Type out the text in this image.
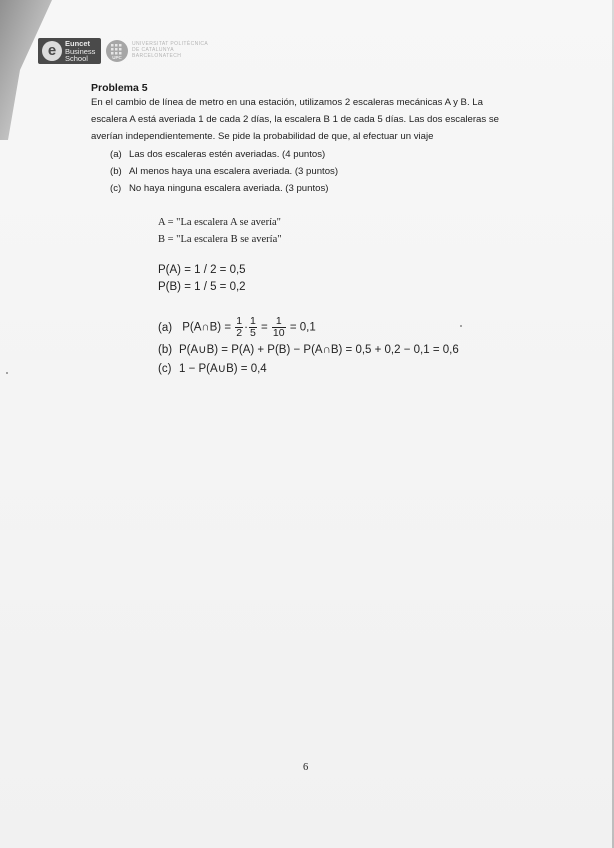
e	Euncet
Business
School	UPC
UNIVERSITAT POLITÈCNICA
DE CATALUNYA
BARCELONATECH
Problema 5
En el cambio de línea de metro en una estación, utilizamos 2 escaleras mecánicas A y B. La
escalera A está averiada 1 de cada 2 días, la escalera B 1 de cada 5 días. Las dos escaleras se
averían independientemente. Se pide la probabilidad de que, al efectuar un viaje
(a) Las dos escaleras estén averiadas. (4 puntos)
(b) Al menos haya una escalera averiada. (3 puntos)
(c) No haya ninguna escalera averiada. (3 puntos)
A = "La escalera A se avería"
B = "La escalera B se avería"
P(A) = 1 / 2 = 0,5
P(B) = 1 / 5 = 0,2
(a) P(A∩B) = $\frac{1}{2} \cdot \frac{1}{5} = \frac{1}{10} = 0,1$
(b) P(A∪B) = P(A) + P(B) − P(A∩B) = 0,5 + 0,2 − 0,1 = 0,6
(c) 1 − P(A∪B) = 0,4
6
